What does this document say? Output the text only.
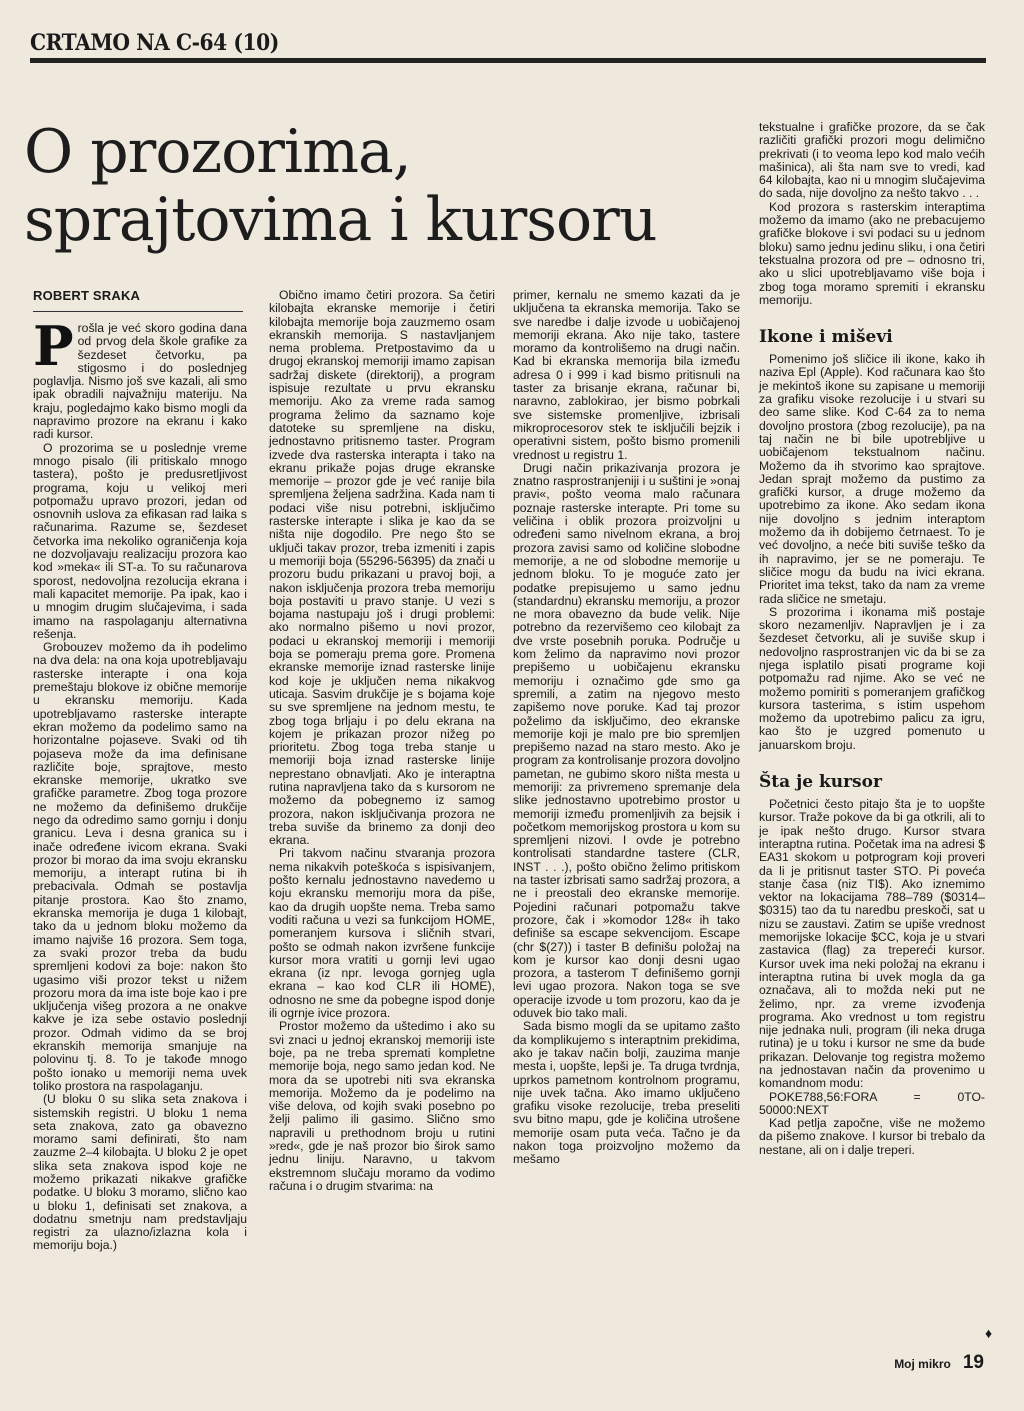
CRTAMO NA C-64 (10)
O prozorima,
sprajtovima i kursoru
ROBERT SRAKA

Prošla je već skoro godina dana od prvog dela škole grafike za šezdeset četvorku, pa stigosmo i do poslednjeg poglavlja. Nismo još sve kazali, ali smo ipak obradili najvažniju materiju. Na kraju, pogledajmo kako bismo mogli da napravimo prozore na ekranu i kako radi kursor.

O prozorima se u poslednje vreme mnogo pisalo (ili pritiskalo mnogo tastera), pošto je predusretljivost programa, koju u velikoj meri potpomažu upravo prozori, jedan od osnovnih uslova za efikasan rad laika s računarima. Razume se, šezdeset četvorka ima nekoliko ograničenja koja ne dozvoljavaju realizaciju prozora kao kod »meka« ili ST-a. To su računarova sporost, nedovoljna rezolucija ekrana i mali kapacitet memorije. Pa ipak, kao i u mnogim drugim slučajevima, i sada imamo na raspolaganju alternativna rešenja.

Grobouzev možemo da ih podelimo na dva dela: na ona koja upotrebljavaju rasterske interapte i ona koja premeštaju blokove iz obične memorije u ekransku memoriju. Kada upotrebljavamo rasterske interapte ekran možemo da podelimo samo na horizontalne pojaseve. Svaki od tih pojaseva može da ima definisane različite boje, sprajtove, mesto ekranske memorije, ukratko sve grafičke parametre. Zbog toga prozore ne možemo da definišemo drukčije nego da odredimo samo gornju i donju granicu. Leva i desna granica su i inače određene ivicom ekrana. Svaki prozor bi morao da ima svoju ekransku memoriju, a interapt rutina bi ih prebacivala. Odmah se postavlja pitanje prostora. Kao što znamo, ekranska memorija je duga 1 kilobajt, tako da u jednom bloku možemo da imamo najviše 16 prozora. Sem toga, za svaki prozor treba da budu spremljeni kodovi za boje: nakon što ugasimo viši prozor tekst u nižem prozoru mora da ima iste boje kao i pre uključenja višeg prozora a ne onakve kakve je iza sebe ostavio poslednji prozor. Odmah vidimo da se broj ekranskih memorija smanjuje na polovinu tj. 8. To je takođe mnogo pošto ionako u memoriji nema uvek toliko prostora na raspolaganju.

(U bloku 0 su slika seta znakova i sistemskih registri. U bloku 1 nema seta znakova, zato ga obavezno moramo sami definirati, što nam zauzme 2–4 kilobajta. U bloku 2 je opet slika seta znakova ispod koje ne možemo prikazati nikakve grafičke podatke. U bloku 3 moramo, slično kao u bloku 1, definisati set znakova, a dodatnu smetnju nam predstavljaju registri za ulazno/izlazna kola i memoriju boja.)

Obično imamo četiri prozora. Sa četiri kilobajta ekranske memorije i četiri kilobajta memorije boja zauzmemo osam ekranskih memorija. S nastavljanjem nema problema. Pretpostavimo da u drugoj ekranskoj memoriji imamo zapisan sadržaj diskete (direktorij), a program ispisuje rezultate u prvu ekransku memoriju. Ako za vreme rada samog programa želimo da saznamo koje datoteke su spremljene na disku, jednostavno pritisnemo taster. Program izvede dva rasterska interapta i tako na ekranu prikaže pojas druge ekranske memorije – prozor gde je već ranije bila spremljena željena sadržina. Kada nam ti podaci više nisu potrebni, isključimo rasterske interapte i slika je kao da se ništa nije dogodilo. Pre nego što se uključi takav prozor, treba izmeniti i zapis u memoriji boja (55296-56395) da znači u prozoru budu prikazani u pravoj boji, a nakon isključenja prozora treba memoriju boja postaviti u pravo stanje. U vezi s bojama nastupaju još i drugi problemi: ako normalno pišemo u novi prozor, podaci u ekranskoj memoriji i memoriji boja se pomeraju prema gore. Promena ekranske memorije iznad rasterske linije kod koje je uključen nema nikakvog uticaja. Sasvim drukčije je s bojama koje su sve spremljene na jednom mestu, te zbog toga brljaju i po delu ekrana na kojem je prikazan prozor nižeg po prioritetu. Zbog toga treba stanje u memoriji boja iznad rasterske linije neprestano obnavljati. Ako je interaptna rutina napravljena tako da s kursorom ne možemo da pobegnemo iz samog prozora, nakon isključivanja prozora ne treba suviše da brinemo za donji deo ekrana.

Pri takvom načinu stvaranja prozora nema nikakvih poteškoća s ispisivanjem, pošto kernalu jednostavno navedemo u koju ekransku memoriju mora da piše, kao da drugih uopšte nema. Treba samo voditi računa u vezi sa funkcijom HOME, pomeranjem kursova i sličnih stvari, pošto se odmah nakon izvršene funkcije kursor mora vratiti u gornji levi ugao ekrana (iz npr. levoga gornjeg ugla ekrana – kao kod CLR ili HOME), odnosno ne sme da pobegne ispod donje ili ogrnje ivice prozora.

Prostor možemo da uštedimo i ako su svi znaci u jednoj ekranskoj memoriji iste boje, pa ne treba spremati kompletne memorije boja, nego samo jedan kod. Ne mora da se upotrebi niti sva ekranska memorija. Možemo da je podelimo na više delova, od kojih svaki posebno po želji palimo ili gasimo. Slično smo napravili u prethodnom broju u rutini »red«, gde je naš prozor bio širok samo jednu liniju. Naravno, u takvom ekstremnom slučaju moramo da vodimo računa i o drugim stvarima: na

primer, kernalu ne smemo kazati da je uključena ta ekranska memorija. Tako se sve naredbe i dalje izvode u uobičajenoj memoriji ekrana. Ako nije tako, tastere moramo da kontrolišemo na drugi način. Kad bi ekranska memorija bila između adresa 0 i 999 i kad bismo pritisnuli na taster za brisanje ekrana, računar bi, naravno, zablokirao, jer bismo pobrkali sve sistemske promenljive, izbrisali mikroprocesorov stek te isključili bejzik i operativni sistem, pošto bismo promenili vrednost u registru 1.

Drugi način prikazivanja prozora je znatno rasprostranjeniji i u suštini je »onaj pravi«, pošto veoma malo računara poznaje rasterske interapte. Pri tome su veličina i oblik prozora proizvoljni u određeni samo nivelnom ekrana, a broj prozora zavisi samo od količine slobodne memorije, a ne od slobodne memorije u jednom bloku. To je moguće zato jer podatke prepisujemo u samo jednu (standardnu) ekransku memoriju, a prozor ne mora obavezno da bude velik. Nije potrebno da rezervišemo ceo kilobajt za dve vrste posebnih poruka. Područje u kom želimo da napravimo novi prozor prepišemo u uobičajenu ekransku memoriju i označimo gde smo ga spremili, a zatim na njegovo mesto zapišemo nove poruke. Kad taj prozor poželimo da isključimo, deo ekranske memorije koji je malo pre bio spremljen prepišemo nazad na staro mesto. Ako je program za kontrolisanje prozora dovoljno pametan, ne gubimo skoro ništa mesta u memoriji: za privremeno spremanje dela slike jednostavno upotrebimo prostor u memoriji između promenljivih za bejsik i početkom memorijskog prostora u kom su spremljeni nizovi. I ovde je potrebno kontrolisati standardne tastere (CLR, INST . . .), pošto obično želimo pritiskom na taster izbrisati samo sadržaj prozora, a ne i preostali deo ekranske memorije. Pojedini računari potpomažu takve prozore, čak i »komodor 128« ih tako definiše sa escape sekvencijom. Escape (chr $(27)) i taster B definišu položaj na kom je kursor kao donji desni ugao prozora, a tasterom T definišemo gornji levi ugao prozora. Nakon toga se sve operacije izvode u tom prozoru, kao da je oduvek bio tako mali.

Sada bismo mogli da se upitamo zašto da komplikujemo s interaptnim prekidima, ako je takav način bolji, zauzima manje mesta i, uopšte, lepši je. Ta druga tvrdnja, uprkos pametnom kontrolnom programu, nije uvek tačna. Ako imamo uključeno grafiku visoke rezolucije, treba preseliti svu bitno mapu, gde je količina utrošene memorije osam puta veća. Tačno je da nakon toga proizvoljno možemo da mešamo

tekstualne i grafičke prozore, da se čak različiti grafički prozori mogu delimično prekrivati (i to veoma lepo kod malo većih mašinica), ali šta nam sve to vredi, kad 64 kilobajta, kao ni u mnogim slučajevima do sada, nije dovoljno za nešto takvo . . .

Kod prozora s rasterskim interaptima možemo da imamo (ako ne prebacujemo grafičke blokove i svi podaci su u jednom bloku) samo jednu jedinu sliku, i ona četiri tekstualna prozora od pre – odnosno tri, ako u slici upotrebljavamo više boja i zbog toga moramo spremiti i ekransku memoriju.

Ikone i miševi

Pomenimo još sličice ili ikone, kako ih naziva Epl (Apple). Kod računara kao što je mekintoš ikone su zapisane u memoriji za grafiku visoke rezolucije i u stvari su deo same slike. Kod C-64 za to nema dovoljno prostora (zbog rezolucije), pa na taj način ne bi bile upotrebljive u uobičajenom tekstualnom načinu. Možemo da ih stvorimo kao sprajtove. Jedan sprajt možemo da pustimo za grafički kursor, a druge možemo da upotrebimo za ikone. Ako sedam ikona nije dovoljno s jednim interaptom možemo da ih dobijemo četrnaest. To je već dovoljno, a neće biti suviše teško da ih napravimo, jer se ne pomeraju. Te sličice mogu da budu na ivici ekrana. Prioritet ima tekst, tako da nam za vreme rada sličice ne smetaju.

S prozorima i ikonama miš postaje skoro nezamenljiv. Napravljen je i za šezdeset četvorku, ali je suviše skup i nedovoljno rasprostranjen vic da bi se za njega isplatilo pisati programe koji potpomažu rad njime. Ako se već ne možemo pomiriti s pomeranjem grafičkog kursora tasterima, s istim uspehom možemo da upotrebimo palicu za igru, kao što je uzgred pomenuto u januarskom broju.

Šta je kursor

Početnici često pitajo šta je to uopšte kursor. Traže pokove da bi ga otkrili, ali to je ipak nešto drugo. Kursor stvara interaptna rutina. Početak ima na adresi $ EA31 skokom u potprogram koji proveri da li je pritisnut taster STO. Pi poveća stanje časa (niz TI$). Ako iznemimo vektor na lokacijama 788–789 ($0314–$0315) tao da tu naredbu preskoči, sat u nizu se zaustavi. Zatim se upiše vrednost memorijske lokacije $CC, koja je u stvari zastavica (flag) za trepereći kursor. Kursor uvek ima neki položaj na ekranu i interaptna rutina bi uvek mogla da ga označava, ali to možda neki put ne želimo, npr. za vreme izvođenja programa. Ako vrednost u tom registru nije jednaka nuli, program (ili neka druga rutina) je u toku i kursor ne sme da bude prikazan. Delovanje tog registra možemo na jednostavan način da provenimo u komandnom modu:

POKE788,56:FORA = 0TO-50000:NEXT

Kad petlja započne, više ne možemo da pišemo znakove. I kursor bi trebalo da nestane, ali on i dalje treperi.

♦
Moj mikro 19
